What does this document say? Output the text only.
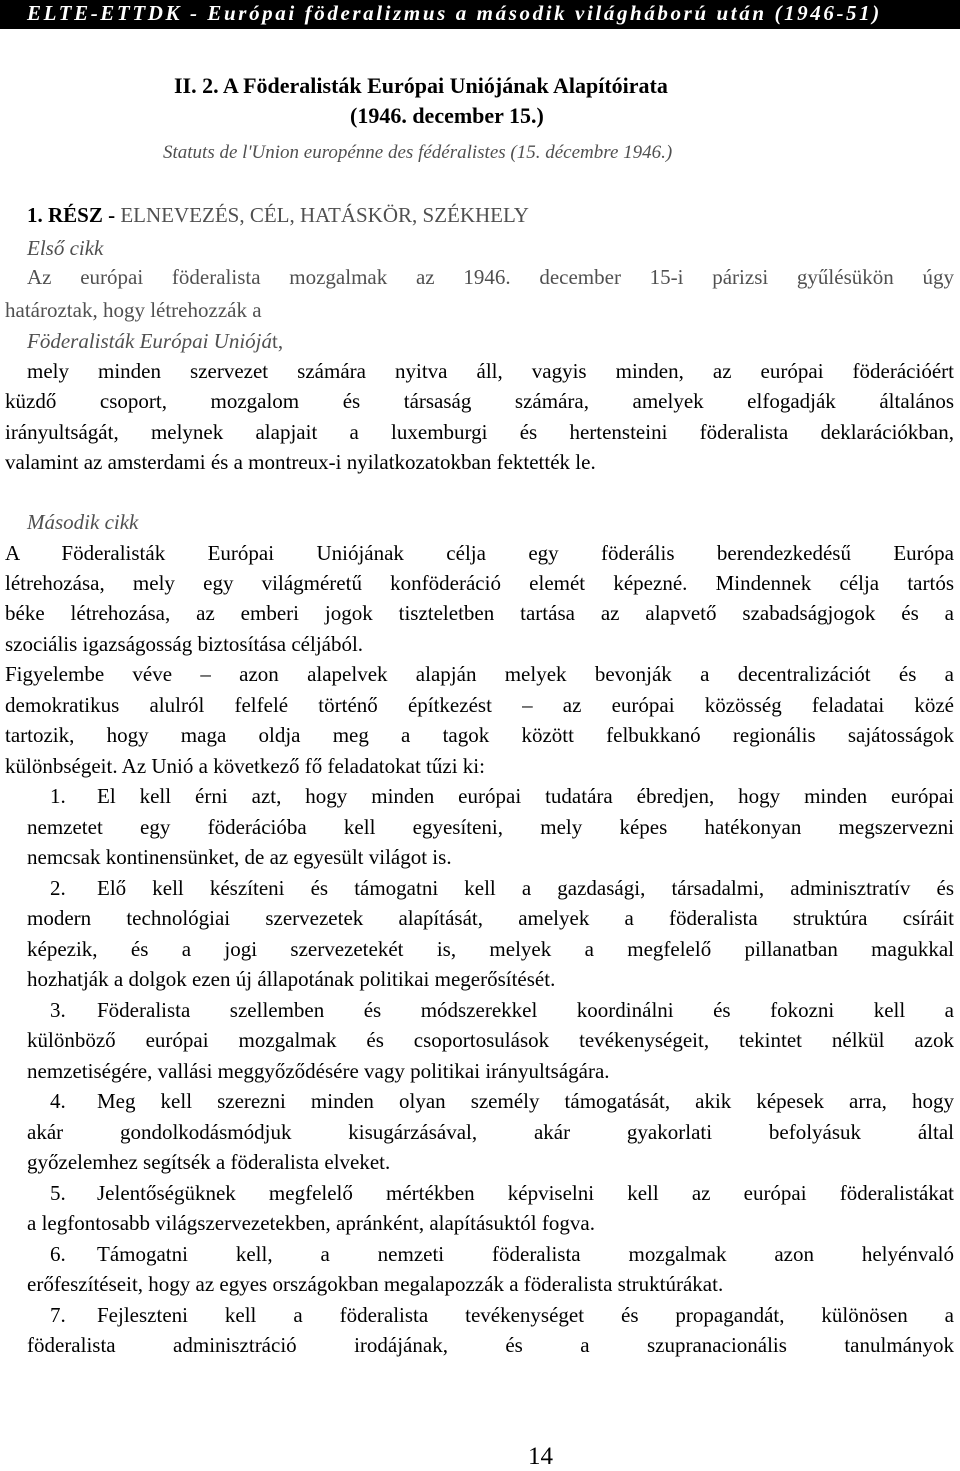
ELTE-ETTDK - Európai föderalizmus a második világháború után (1946-51)
II. 2. A Föderalisták Európai Uniójának Alapítóirata
(1946. december 15.)
Statuts de l'Union europénne des fédéralistes (15. décembre 1946.)
1. RÉSZ - ELNEVEZÉS, CÉL, HATÁSKÖR, SZÉKHELY
Első cikk
Az európai föderalista mozgalmak az 1946. december 15-i párizsi gyűlésükön úgy
határoztak, hogy létrehozzák a
Föderalisták Európai Unióját,
mely minden szervezet számára nyitva áll, vagyis minden, az európai föderációért
küzdő csoport, mozgalom és társaság számára, amelyek elfogadják általános
irányultságát, melynek alapjait a luxemburgi és hertensteini föderalista deklarációkban,
valamint az amsterdami és a montreux-i nyilatkozatokban fektették le.
Második cikk
A Föderalisták Európai Uniójának célja egy föderális berendezkedésű Európa
létrehozása, mely egy világméretű konföderáció elemét képezné. Mindennek célja tartós
béke létrehozása, az emberi jogok tiszteletben tartása az alapvető szabadságjogok és a
szociális igazságosság biztosítása céljából.
Figyelembe véve – azon alapelvek alapján melyek bevonják a decentralizációt és a
demokratikus alulról felfelé történő építkezést – az európai közösség feladatai közé
tartozik, hogy maga oldja meg a tagok között felbukkanó regionális sajátosságok
különbségeit. Az Unió a következő fő feladatokat tűzi ki:
1. El kell érni azt, hogy minden európai tudatára ébredjen, hogy minden európai
nemzetet egy föderációba kell egyesíteni, mely képes hatékonyan megszervezni
nemcsak kontinensünket, de az egyesült világot is.
2. Elő kell készíteni és támogatni kell a gazdasági, társadalmi, adminisztratív és
modern technológiai szervezetek alapítását, amelyek a föderalista struktúra csíráit
képezik, és a jogi szervezetekét is, melyek a megfelelő pillanatban magukkal
hozhatják a dolgok ezen új állapotának politikai megerősítését.
3. Föderalista szellemben és módszerekkel koordinálni és fokozni kell a
különböző európai mozgalmak és csoportosulások tevékenységeit, tekintet nélkül azok
nemzetiségére, vallási meggyőződésére vagy politikai irányultságára.
4. Meg kell szerezni minden olyan személy támogatását, akik képesek arra, hogy
akár gondolkodásmódjuk kisugárzásával, akár gyakorlati befolyásuk által
győzelemhez segítsék a föderalista elveket.
5. Jelentőségüknek megfelelő mértékben képviselni kell az európai föderalistákat
a legfontosabb világszervezetekben, apránként, alapításuktól fogva.
6. Támogatni kell, a nemzeti föderalista mozgalmak azon helyénvaló
erőfeszítéseit, hogy az egyes országokban megalapozzák a föderalista struktúrákat.
7. Fejleszteni kell a föderalista tevékenységet és propagandát, különösen a
föderalista adminisztráció irodájának, és a szupranacionális tanulmányok
14
